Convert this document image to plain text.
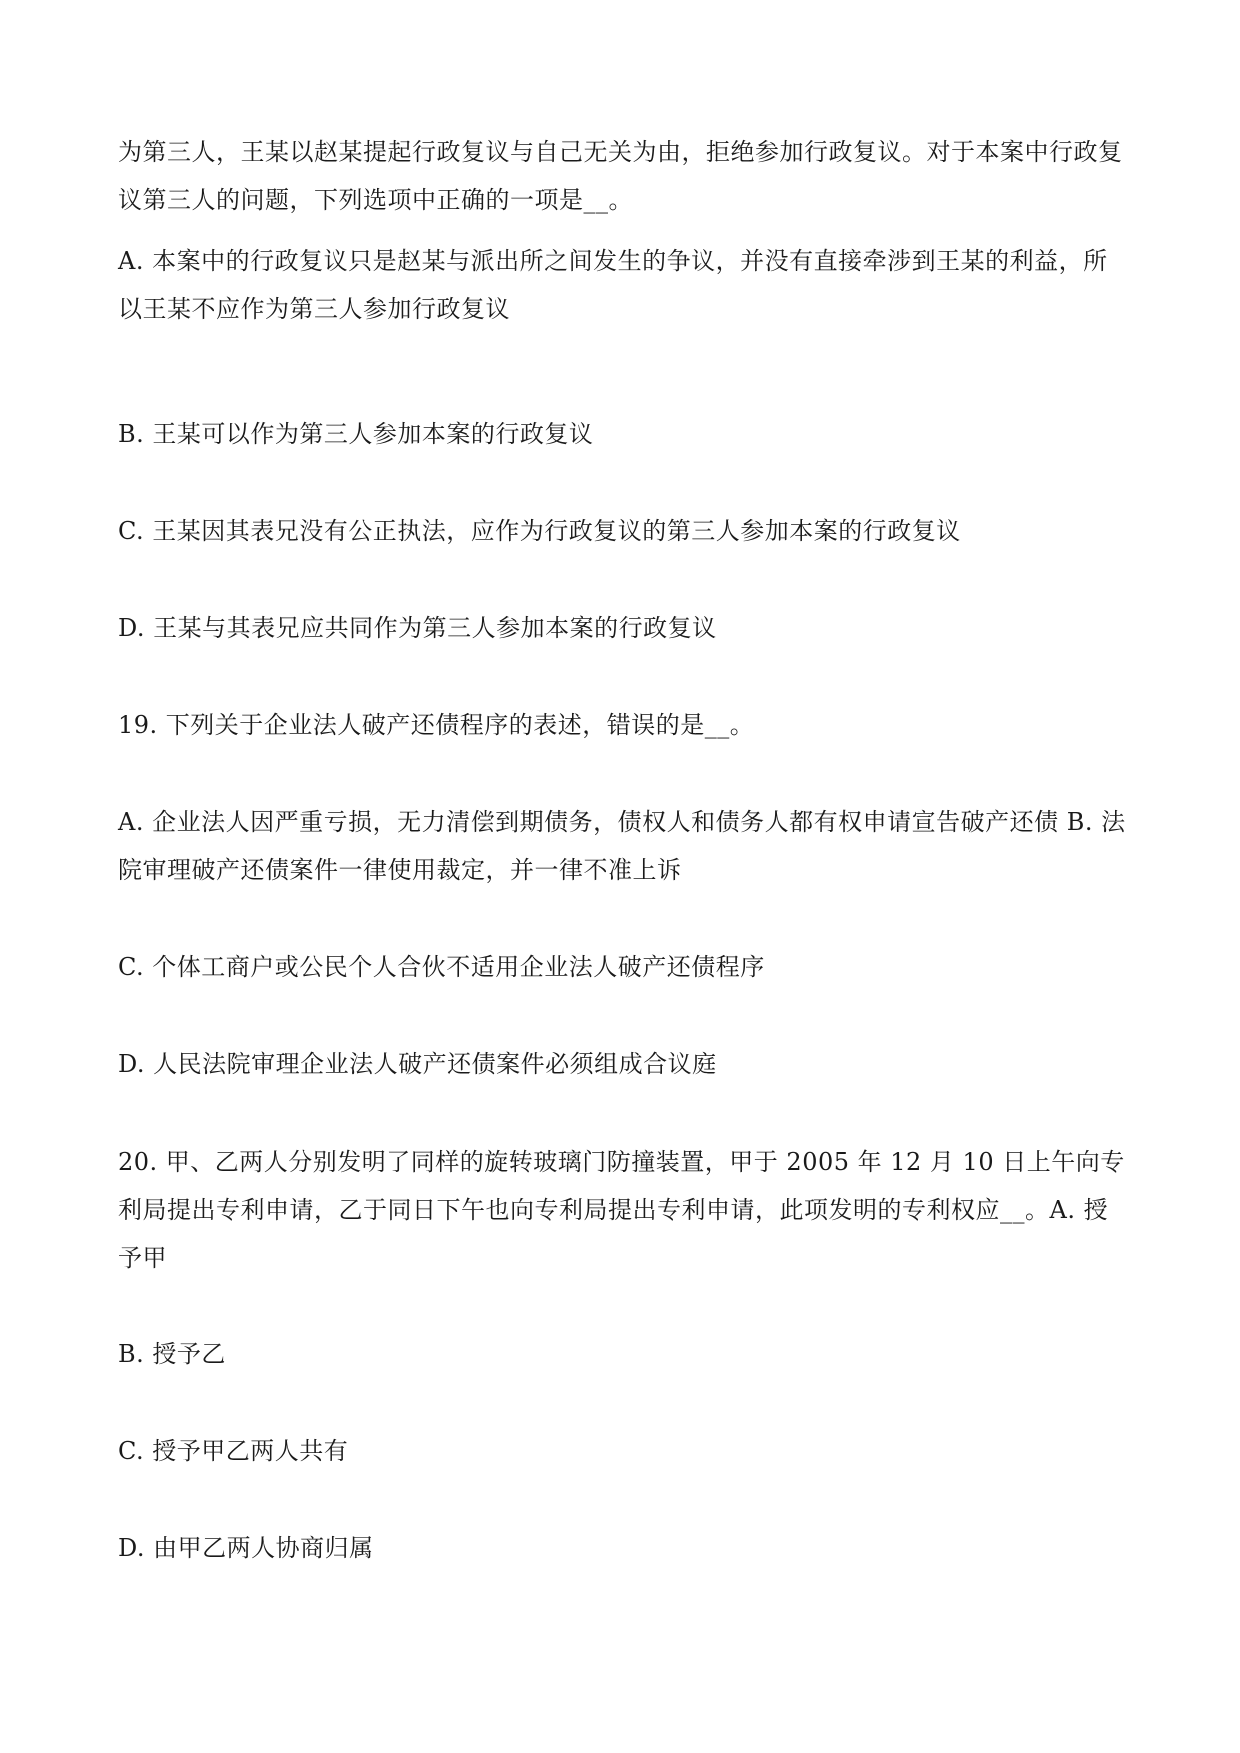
为第三人，王某以赵某提起行政复议与自己无关为由，拒绝参加行政复议。对于本案中行政复议第三人的问题，下列选项中正确的一项是__。

A. 本案中的行政复议只是赵某与派出所之间发生的争议，并没有直接牵涉到王某的利益，所以王某不应作为第三人参加行政复议

B. 王某可以作为第三人参加本案的行政复议

C. 王某因其表兄没有公正执法，应作为行政复议的第三人参加本案的行政复议

D. 王某与其表兄应共同作为第三人参加本案的行政复议

19. 下列关于企业法人破产还债程序的表述，错误的是__。

A. 企业法人因严重亏损，无力清偿到期债务，债权人和债务人都有权申请宣告破产还债 B. 法院审理破产还债案件一律使用裁定，并一律不准上诉

C. 个体工商户或公民个人合伙不适用企业法人破产还债程序

D. 人民法院审理企业法人破产还债案件必须组成合议庭

20. 甲、乙两人分别发明了同样的旋转玻璃门防撞装置，甲于 2005 年 12 月 10 日上午向专利局提出专利申请，乙于同日下午也向专利局提出专利申请，此项发明的专利权应__。A. 授予甲

B. 授予乙

C. 授予甲乙两人共有

D. 由甲乙两人协商归属
